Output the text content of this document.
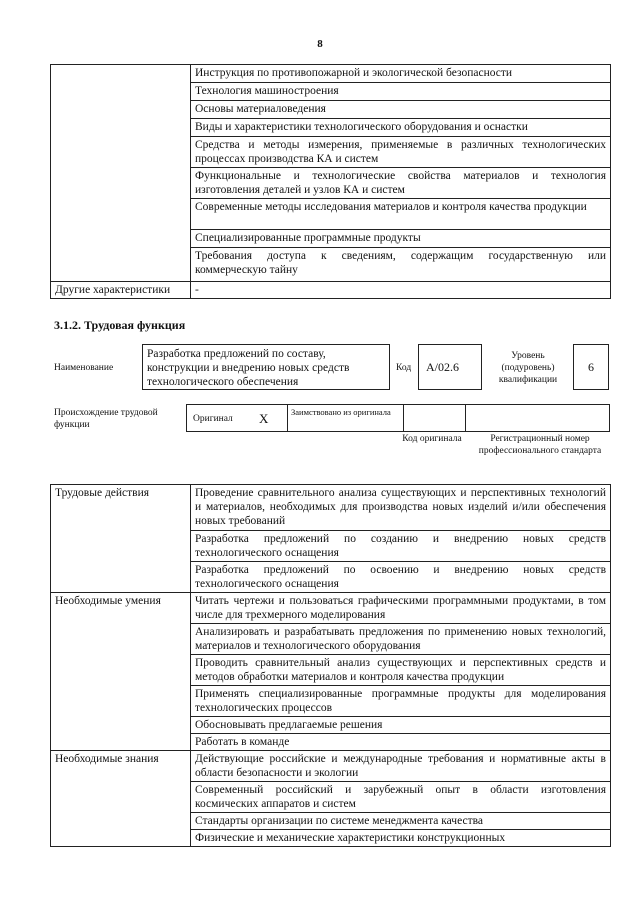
8
	Инструкция по противопожарной и экологической безопасности
	Технология машиностроения
	Основы материаловедения
	Виды и характеристики технологического оборудования и оснастки
	Средства и методы измерения, применяемые в различных технологических процессах производства КА и систем
	Функциональные и технологические свойства материалов и технология изготовления деталей и узлов КА и систем
	Современные методы исследования материалов и контроля качества продукции
	Специализированные программные продукты
	Требования доступа к сведениям, содержащим государственную или коммерческую тайну
Другие характеристики	-
3.1.2. Трудовая функция
Наименование
Разработка предложений по составу, конструкции и внедрению новых средств технологического обеспечения
Код	А/02.6
Уровень (подуровень) квалификации
6
Происхождение трудовой функции
Оригинал X	Заимствовано из оригинала
Код оригинала	Регистрационный номер профессионального стандарта
Трудовые действия	Проведение сравнительного анализа существующих и перспективных технологий и материалов, необходимых для производства новых изделий и/или обеспечения новых требований
	Разработка предложений по созданию и внедрению новых средств технологического оснащения
	Разработка предложений по освоению и внедрению новых средств технологического оснащения
Необходимые умения	Читать чертежи и пользоваться графическими программными продуктами, в том числе для трехмерного моделирования
	Анализировать и разрабатывать предложения по применению новых технологий, материалов и технологического оборудования
	Проводить сравнительный анализ существующих и перспективных средств и методов обработки материалов и контроля качества продукции
	Применять специализированные программные продукты для моделирования технологических процессов
	Обосновывать предлагаемые решения
	Работать в команде
Необходимые знания	Действующие российские и международные требования и нормативные акты в области безопасности и экологии
	Современный российский и зарубежный опыт в области изготовления космических аппаратов и систем
	Стандарты организации по системе менеджмента качества
	Физические и механические характеристики конструкционных
